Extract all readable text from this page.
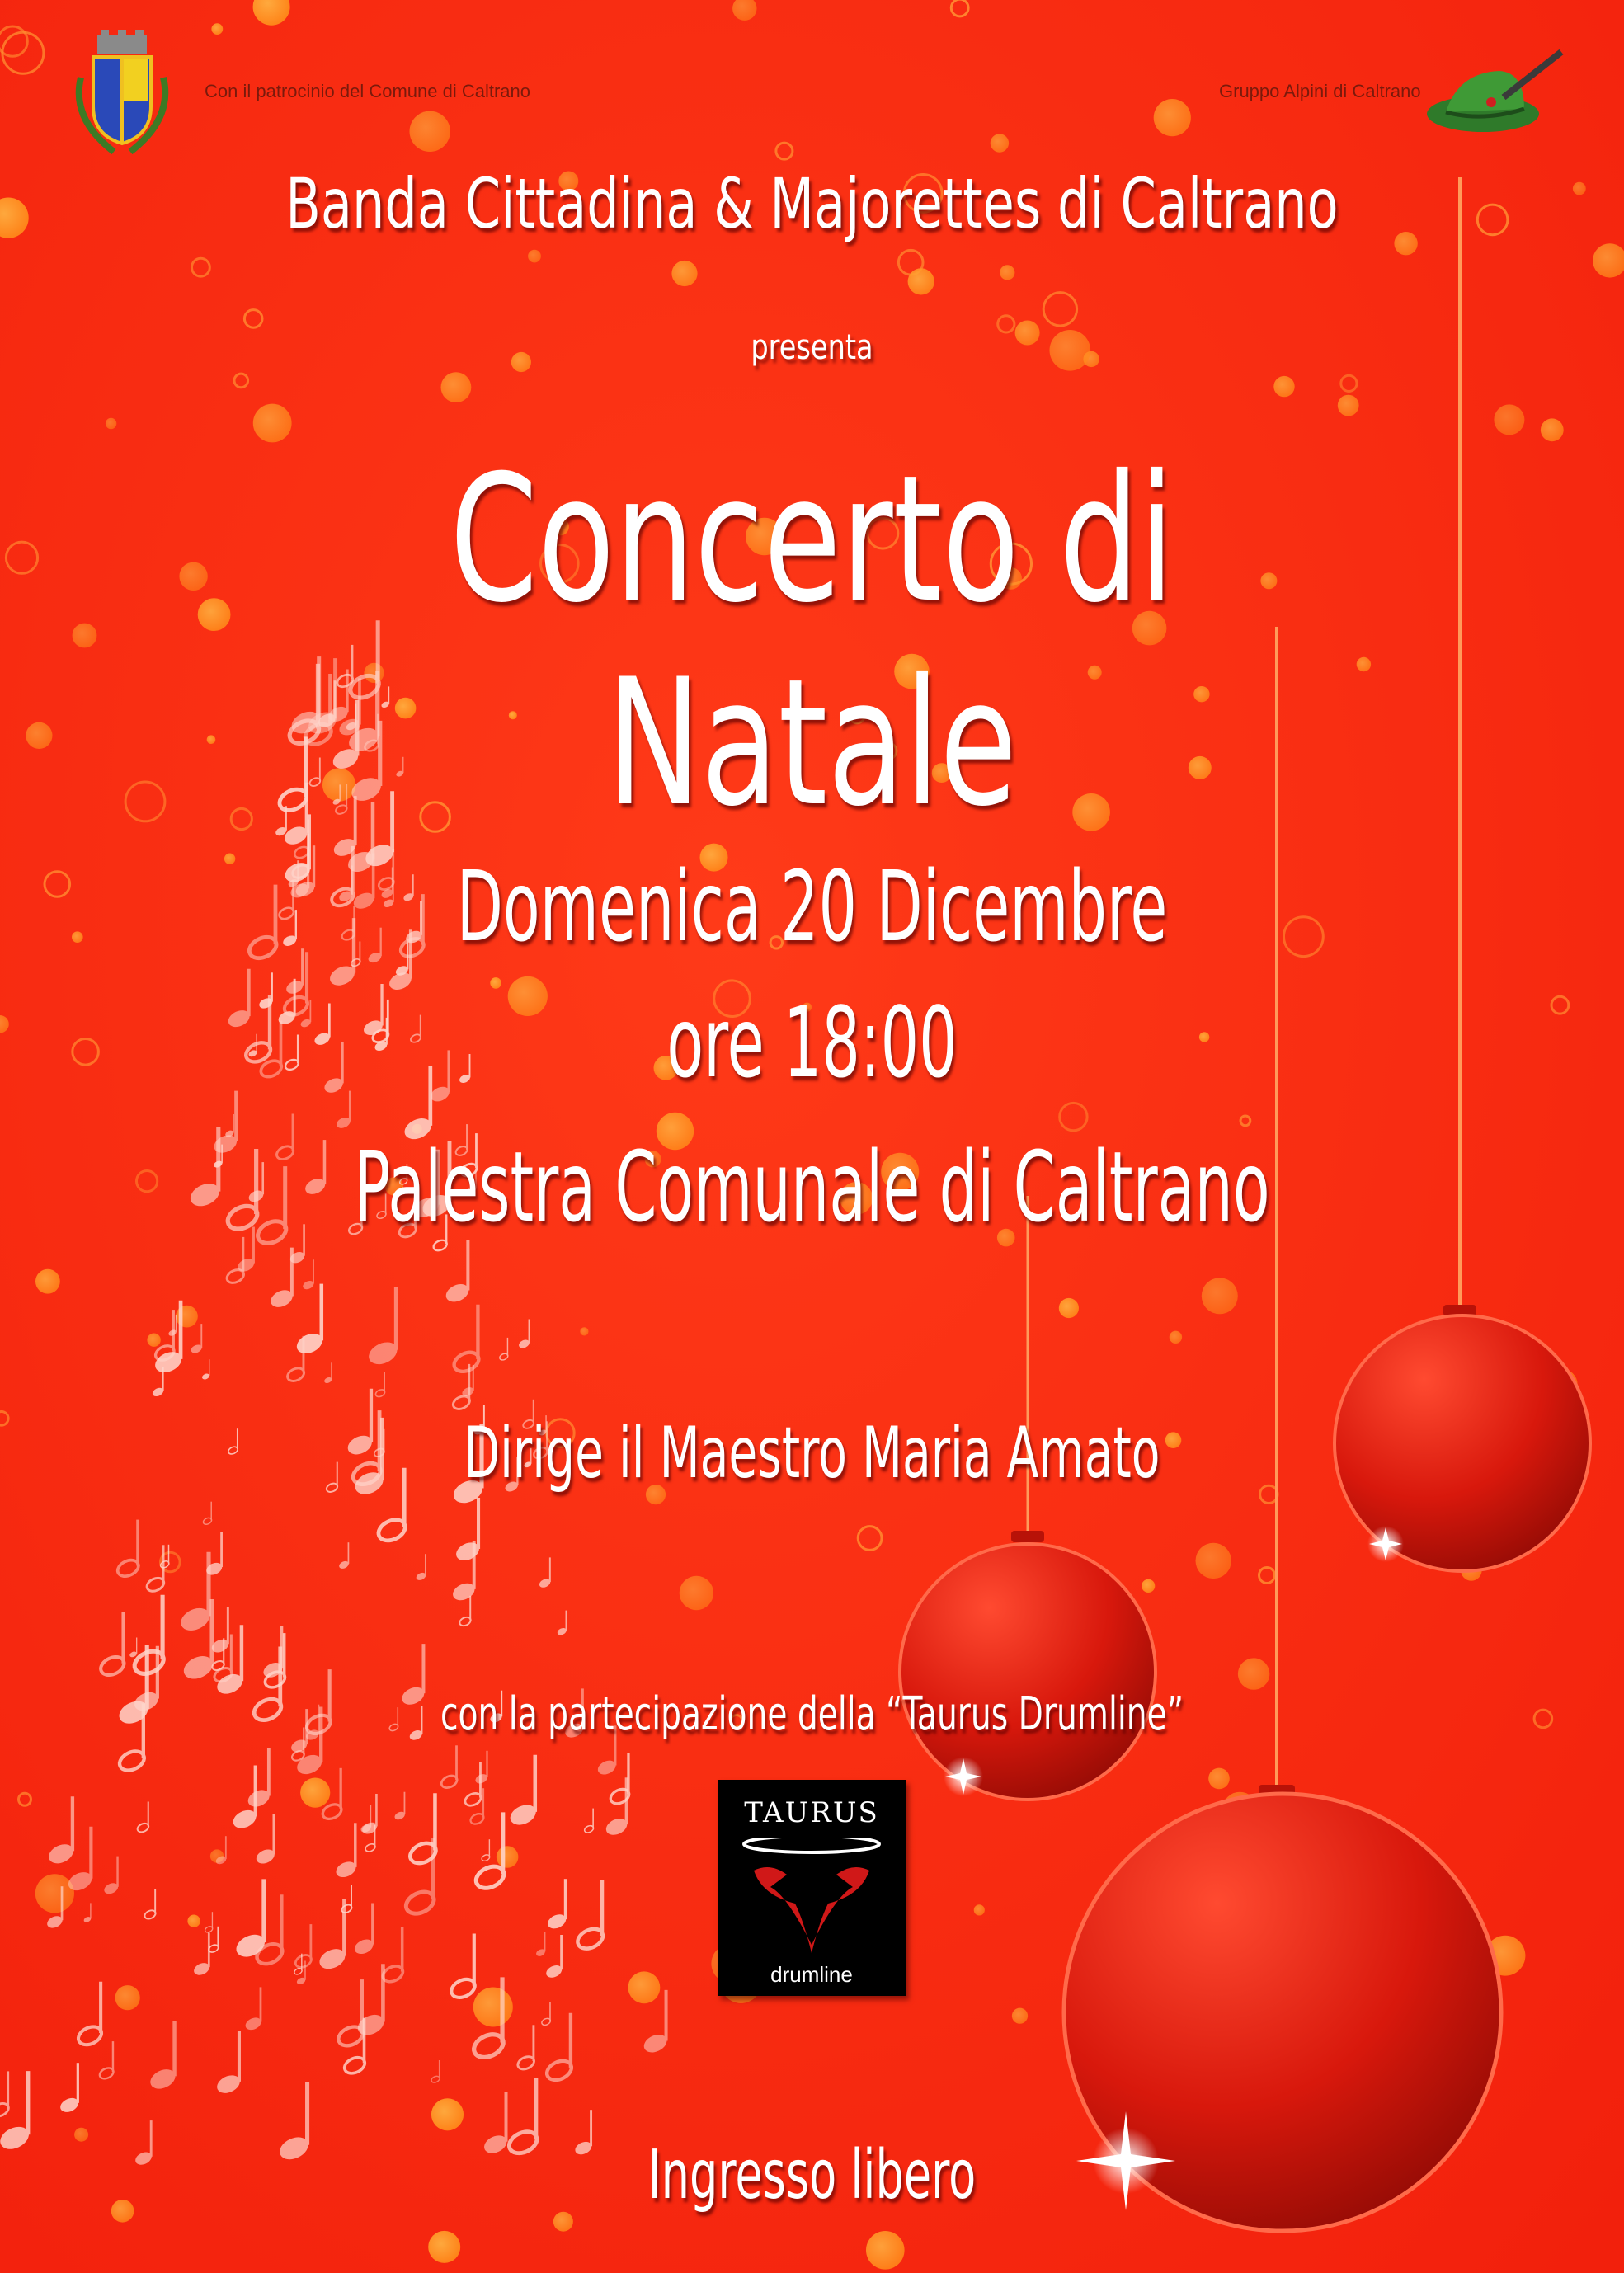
Con il patrocinio del Comune di Caltrano	Gruppo Alpini di Caltrano
Banda Cittadina & Majorettes di Caltrano
presenta
Concerto di Natale
Domenica 20 Dicembre
ore 18:00
Palestra Comunale di Caltrano
Dirige il Maestro Maria Amato
con la partecipazione della “Taurus Drumline”
TAURUS
drumline
Ingresso libero
